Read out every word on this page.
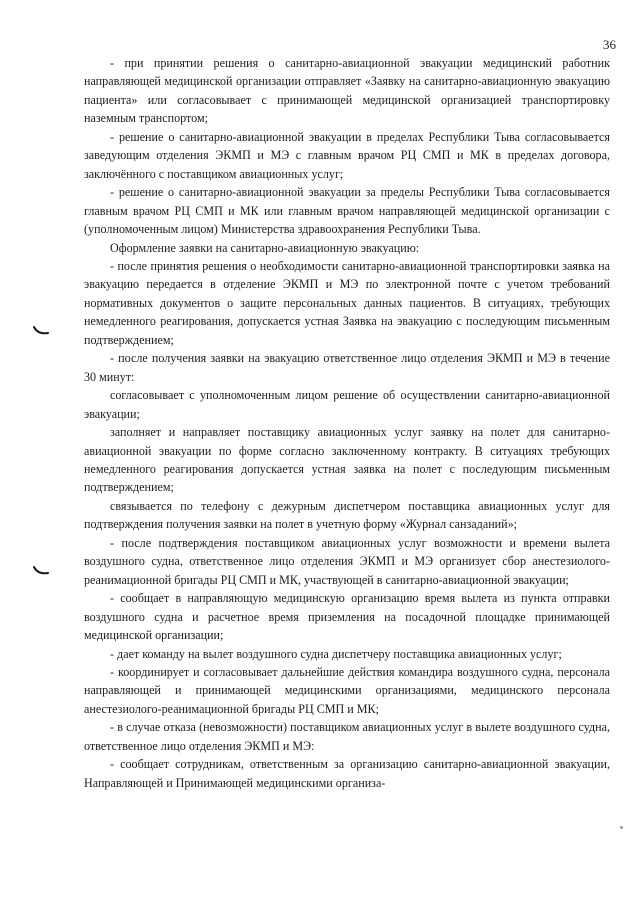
36

- при принятии решения о санитарно-авиационной эвакуации медицинский работник направляющей медицинской организации отправляет «Заявку на санитарно-авиационную эвакуацию пациента» или согласовывает с принимающей медицинской организацией транспортировку наземным транспортом;

- решение о санитарно-авиационной эвакуации в пределах Республики Тыва согласовывается заведующим отделения ЭКМП и МЭ с главным врачом РЦ СМП и МК в пределах договора, заключённого с поставщиком авиационных услуг;

- решение о санитарно-авиационной эвакуации за пределы Республики Тыва согласовывается главным врачом РЦ СМП и МК или главным врачом направляющей медицинской организации с (уполномоченным лицом) Министерства здравоохранения Республики Тыва.

Оформление заявки на санитарно-авиационную эвакуацию:

- после принятия решения о необходимости санитарно-авиационной транспортировки заявка на эвакуацию передается в отделение ЭКМП и МЭ по электронной почте с учетом требований нормативных документов о защите персональных данных пациентов. В ситуациях, требующих немедленного реагирования, допускается устная Заявка на эвакуацию с последующим письменным подтверждением;

- после получения заявки на эвакуацию ответственное лицо отделения ЭКМП и МЭ в течение 30 минут:

согласовывает с уполномоченным лицом решение об осуществлении санитарно-авиационной эвакуации;

заполняет и направляет поставщику авиационных услуг заявку на полет для санитарно-авиационной эвакуации по форме согласно заключенному контракту. В ситуациях требующих немедленного реагирования допускается устная заявка на полет с последующим письменным подтверждением;

связывается по телефону с дежурным диспетчером поставщика авиационных услуг для подтверждения получения заявки на полет в учетную форму «Журнал санзаданий»;

- после подтверждения поставщиком авиационных услуг возможности и времени вылета воздушного судна, ответственное лицо отделения ЭКМП и МЭ организует сбор анестезиолого-реанимационной бригады РЦ СМП и МК, участвующей в санитарно-авиационной эвакуации;

- сообщает в направляющую медицинскую организацию время вылета из пункта отправки воздушного судна и расчетное время приземления на посадочной площадке принимающей медицинской организации;

- дает команду на вылет воздушного судна диспетчеру поставщика авиационных услуг;

- координирует и согласовывает дальнейшие действия командира воздушного судна, персонала направляющей и принимающей медицинскими организациями, медицинского персонала анестезиолого-реанимационной бригады РЦ СМП и МК;

- в случае отказа (невозможности) поставщиком авиационных услуг в вылете воздушного судна, ответственное лицо отделения ЭКМП и МЭ:

- сообщает сотрудникам, ответственным за организацию санитарно-авиационной эвакуации, Направляющей и Принимающей медицинскими организа-
